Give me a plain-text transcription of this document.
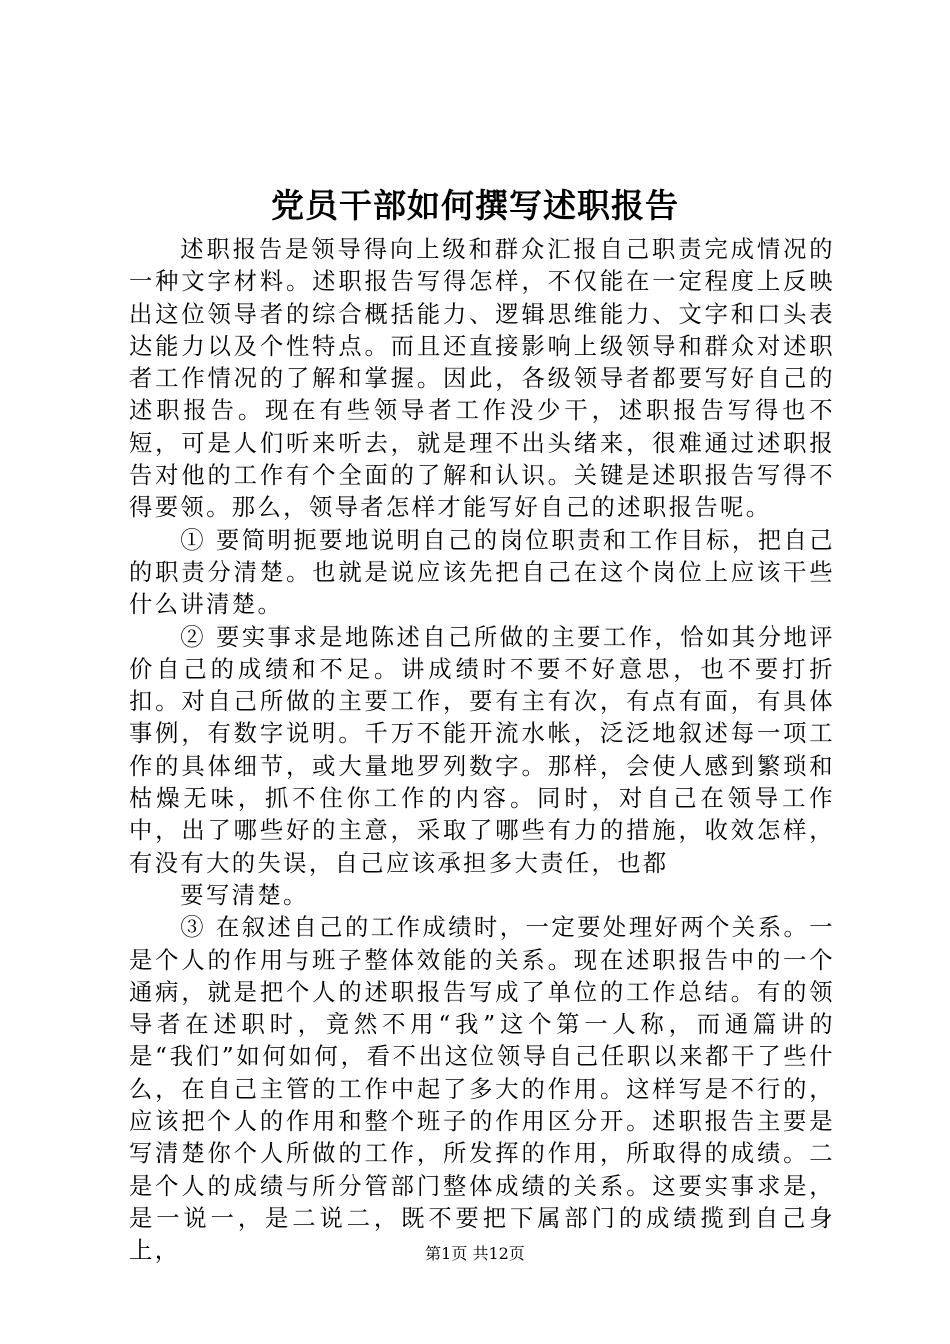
党员干部如何撰写述职报告

述职报告是领导得向上级和群众汇报自己职责完成情况的一种文字材料。述职报告写得怎样，不仅能在一定程度上反映出这位领导者的综合概括能力、逻辑思维能力、文字和口头表达能力以及个性特点。而且还直接影响上级领导和群众对述职者工作情况的了解和掌握。因此，各级领导者都要写好自己的述职报告。现在有些领导者工作没少干，述职报告写得也不短，可是人们听来听去，就是理不出头绪来，很难通过述职报告对他的工作有个全面的了解和认识。关键是述职报告写得不得要领。那么，领导者怎样才能写好自己的述职报告呢。

① 要简明扼要地说明自己的岗位职责和工作目标，把自己的职责分清楚。也就是说应该先把自己在这个岗位上应该干些什么讲清楚。

② 要实事求是地陈述自己所做的主要工作，恰如其分地评价自己的成绩和不足。讲成绩时不要不好意思，也不要打折扣。对自己所做的主要工作，要有主有次，有点有面，有具体事例，有数字说明。千万不能开流水帐，泛泛地叙述每一项工作的具体细节，或大量地罗列数字。那样，会使人感到繁琐和枯燥无味，抓不住你工作的内容。同时，对自己在领导工作中，出了哪些好的主意，采取了哪些有力的措施，收效怎样，有没有大的失误，自己应该承担多大责任，也都

要写清楚。

③ 在叙述自己的工作成绩时，一定要处理好两个关系。一是个人的作用与班子整体效能的关系。现在述职报告中的一个通病，就是把个人的述职报告写成了单位的工作总结。有的领导者在述职时，竟然不用“我”这个第一人称，而通篇讲的是“我们”如何如何，看不出这位领导自己任职以来都干了些什么，在自己主管的工作中起了多大的作用。这样写是不行的，应该把个人的作用和整个班子的作用区分开。述职报告主要是写清楚你个人所做的工作，所发挥的作用，所取得的成绩。二是个人的成绩与所分管部门整体成绩的关系。这要实事求是，是一说一，是二说二，既不要把下属部门的成绩揽到自己身上，	第1页 共12页
